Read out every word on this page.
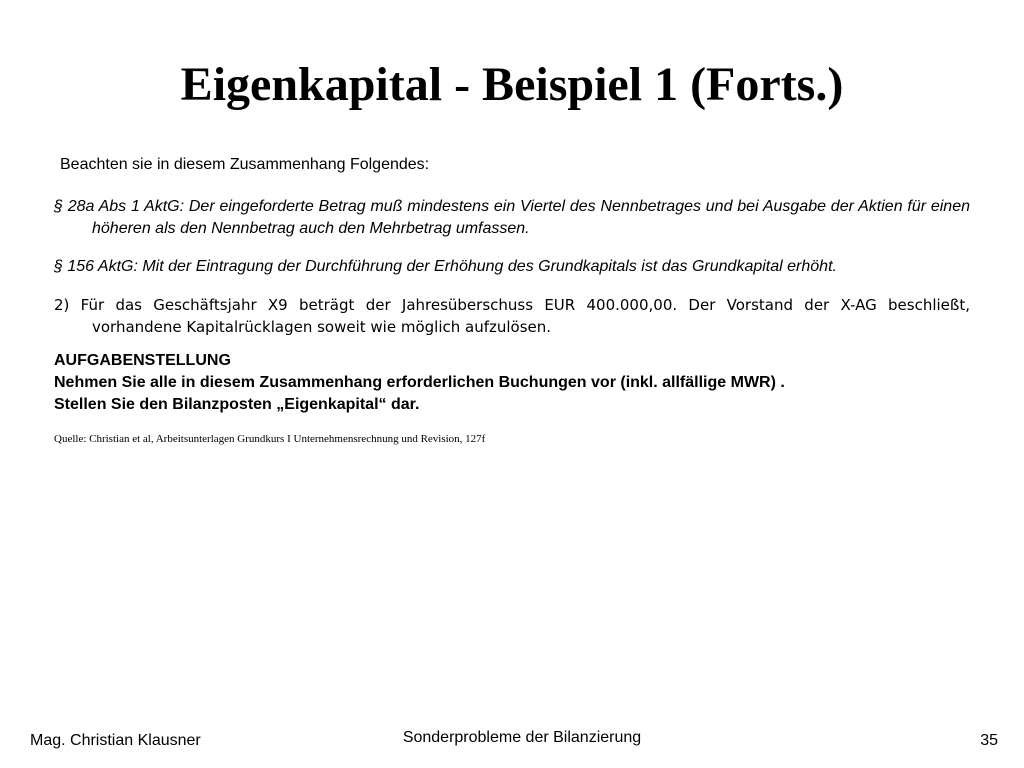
Eigenkapital - Beispiel 1 (Forts.)

Beachten sie in diesem Zusammenhang Folgendes:

§ 28a Abs 1 AktG: Der eingeforderte Betrag muß mindestens ein Viertel des Nennbetrages und bei Ausgabe der Aktien für einen höheren als den Nennbetrag auch den Mehrbetrag umfassen.

§ 156 AktG: Mit der Eintragung der Durchführung der Erhöhung des Grundkapitals ist das Grundkapital erhöht.

2) Für das Geschäftsjahr X9 beträgt der Jahresüberschuss EUR 400.000,00. Der Vorstand der X-AG beschließt, vorhandene Kapitalrücklagen soweit wie möglich aufzulösen.

AUFGABENSTELLUNG

Nehmen Sie alle in diesem Zusammenhang erforderlichen Buchungen vor (inkl. allfällige MWR) .

Stellen Sie den Bilanzposten „Eigenkapital“ dar.

Quelle: Christian et al, Arbeitsunterlagen Grundkurs I Unternehmensrechnung und Revision, 127f
Mag. Christian Klausner	Sonderprobleme der Bilanzierung	35
